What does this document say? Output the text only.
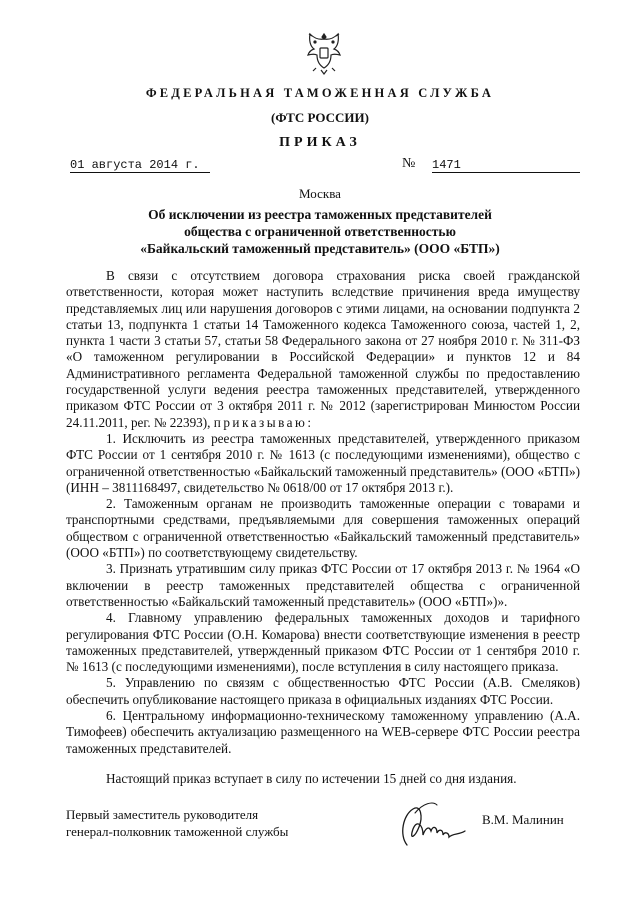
ФЕДЕРАЛЬНАЯ ТАМОЖЕННАЯ СЛУЖБА
(ФТС РОССИИ)
ПРИКАЗ
01 августа 2014 г.	№ 1471
Москва
Об исключении из реестра таможенных представителей
общества с ограниченной ответственностью
«Байкальский таможенный представитель» (ООО «БТП»)

В связи с отсутствием договора страхования риска своей гражданской ответственности, которая может наступить вследствие причинения вреда имуществу представляемых лиц или нарушения договоров с этими лицами, на основании подпункта 2 статьи 13, подпункта 1 статьи 14 Таможенного кодекса Таможенного союза, частей 1, 2, пункта 1 части 3 статьи 57, статьи 58 Федерального закона от 27 ноября 2010 г. № 311-ФЗ «О таможенном регулировании в Российской Федерации» и пунктов 12 и 84 Административного регламента Федеральной таможенной службы по предоставлению государственной услуги ведения реестра таможенных представителей, утвержденного приказом ФТС России от 3 октября 2011 г. № 2012 (зарегистрирован Минюстом России 24.11.2011, рег. № 22393), приказываю:

1. Исключить из реестра таможенных представителей, утвержденного приказом ФТС России от 1 сентября 2010 г. № 1613 (с последующими изменениями), общество с ограниченной ответственностью «Байкальский таможенный представитель» (ООО «БТП») (ИНН – 3811168497, свидетельство № 0618/00 от 17 октября 2013 г.).

2. Таможенным органам не производить таможенные операции с товарами и транспортными средствами, предъявляемыми для совершения таможенных операций обществом с ограниченной ответственностью «Байкальский таможенный представитель» (ООО «БТП») по соответствующему свидетельству.

3. Признать утратившим силу приказ ФТС России от 17 октября 2013 г. № 1964 «О включении в реестр таможенных представителей общества с ограниченной ответственностью «Байкальский таможенный представитель» (ООО «БТП»)».

4. Главному управлению федеральных таможенных доходов и тарифного регулирования ФТС России (О.Н. Комарова) внести соответствующие изменения в реестр таможенных представителей, утвержденный приказом ФТС России от 1 сентября 2010 г. № 1613 (с последующими изменениями), после вступления в силу настоящего приказа.

5. Управлению по связям с общественностью ФТС России (А.В. Смеляков) обеспечить опубликование настоящего приказа в официальных изданиях ФТС России.

6. Центральному информационно-техническому таможенному управлению (А.А. Тимофеев) обеспечить актуализацию размещенного на WEB-сервере ФТС России реестра таможенных представителей.

Настоящий приказ вступает в силу по истечении 15 дней со дня издания.

Первый заместитель руководителя
генерал-полковник таможенной службы
В.М. Малинин
